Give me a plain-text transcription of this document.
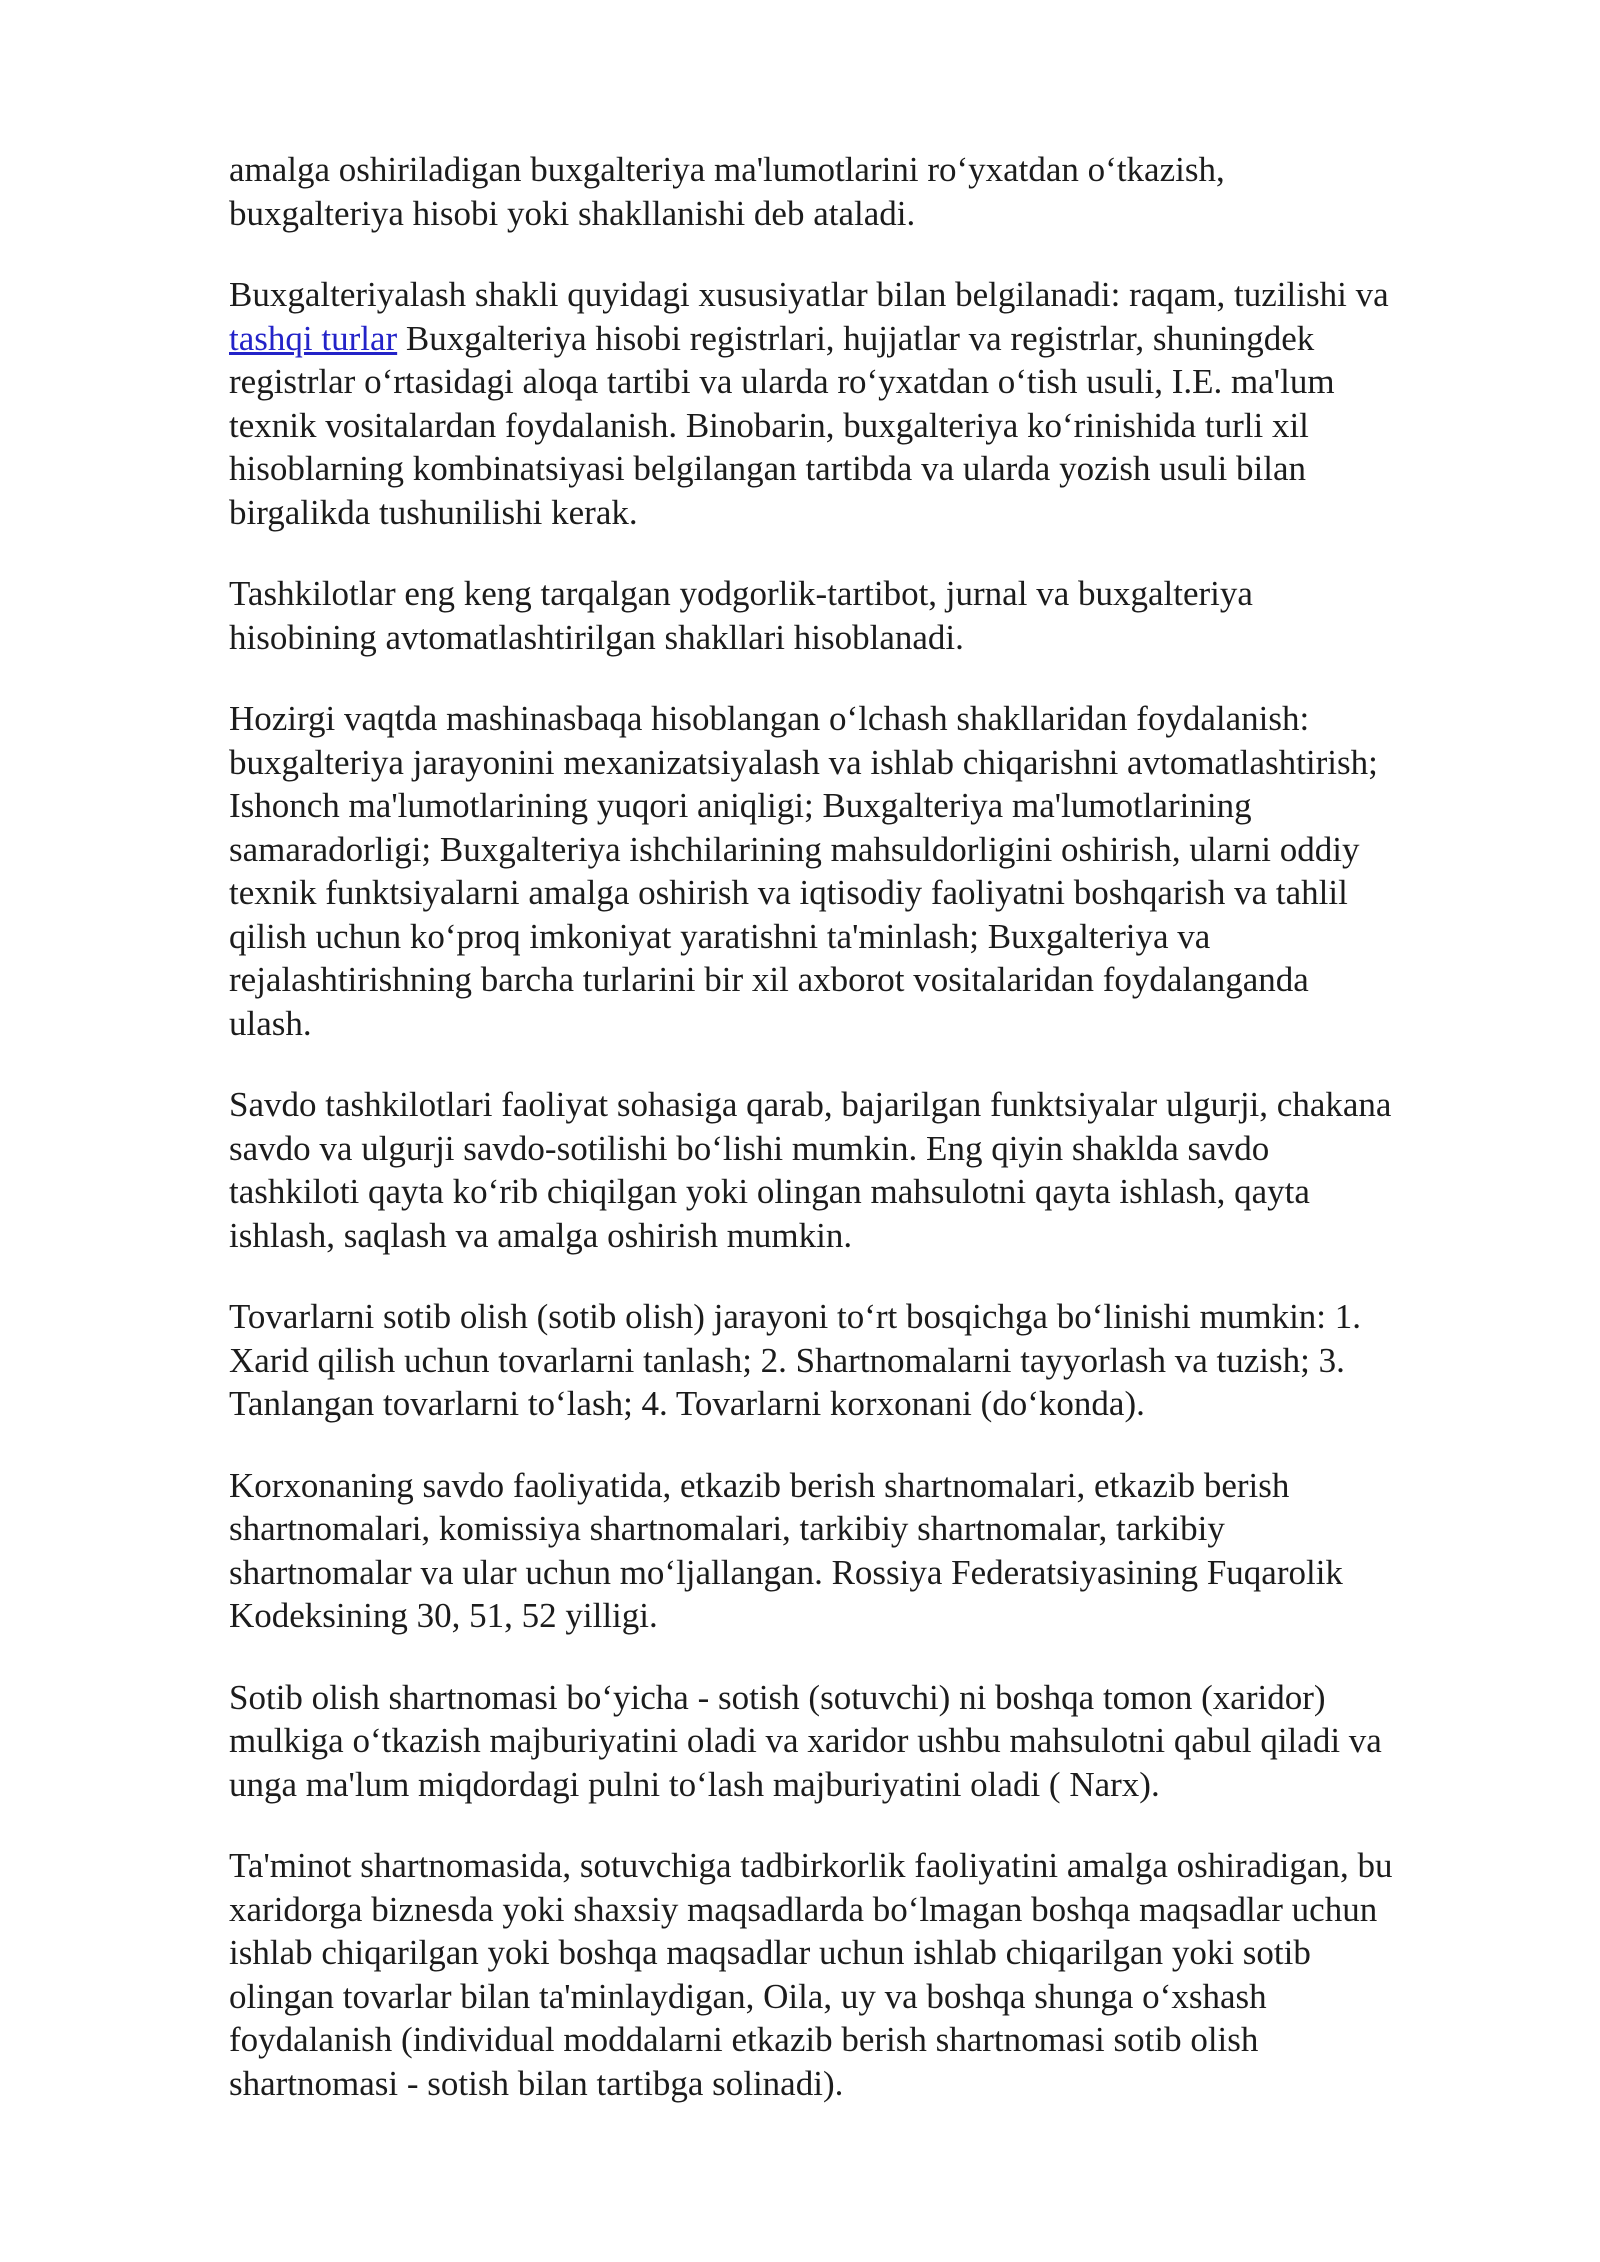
amalga oshiriladigan buxgalteriya ma'lumotlarini ro‘yxatdan o‘tkazish,
buxgalteriya hisobi yoki shakllanishi deb ataladi.

Buxgalteriyalash shakli quyidagi xususiyatlar bilan belgilanadi: raqam, tuzilishi va
tashqi turlar Buxgalteriya hisobi registrlari, hujjatlar va registrlar, shuningdek
registrlar o‘rtasidagi aloqa tartibi va ularda ro‘yxatdan o‘tish usuli, I.E. ma'lum
texnik vositalardan foydalanish. Binobarin, buxgalteriya ko‘rinishida turli xil
hisoblarning kombinatsiyasi belgilangan tartibda va ularda yozish usuli bilan
birgalikda tushunilishi kerak.

Tashkilotlar eng keng tarqalgan yodgorlik-tartibot, jurnal va buxgalteriya
hisobining avtomatlashtirilgan shakllari hisoblanadi.

Hozirgi vaqtda mashinasbaqa hisoblangan o‘lchash shakllaridan foydalanish:
buxgalteriya jarayonini mexanizatsiyalash va ishlab chiqarishni avtomatlashtirish;
Ishonch ma'lumotlarining yuqori aniqligi; Buxgalteriya ma'lumotlarining
samaradorligi; Buxgalteriya ishchilarining mahsuldorligini oshirish, ularni oddiy
texnik funktsiyalarni amalga oshirish va iqtisodiy faoliyatni boshqarish va tahlil
qilish uchun ko‘proq imkoniyat yaratishni ta'minlash; Buxgalteriya va
rejalashtirishning barcha turlarini bir xil axborot vositalaridan foydalanganda
ulash.

Savdo tashkilotlari faoliyat sohasiga qarab, bajarilgan funktsiyalar ulgurji, chakana
savdo va ulgurji savdo-sotilishi bo‘lishi mumkin. Eng qiyin shaklda savdo
tashkiloti qayta ko‘rib chiqilgan yoki olingan mahsulotni qayta ishlash, qayta
ishlash, saqlash va amalga oshirish mumkin.

Tovarlarni sotib olish (sotib olish) jarayoni to‘rt bosqichga bo‘linishi mumkin: 1.
Xarid qilish uchun tovarlarni tanlash; 2. Shartnomalarni tayyorlash va tuzish; 3.
Tanlangan tovarlarni to‘lash; 4. Tovarlarni korxonani (do‘konda).

Korxonaning savdo faoliyatida, etkazib berish shartnomalari, etkazib berish
shartnomalari, komissiya shartnomalari, tarkibiy shartnomalar, tarkibiy
shartnomalar va ular uchun mo‘ljallangan. Rossiya Federatsiyasining Fuqarolik
Kodeksining 30, 51, 52 yilligi.

Sotib olish shartnomasi bo‘yicha - sotish (sotuvchi) ni boshqa tomon (xaridor)
mulkiga o‘tkazish majburiyatini oladi va xaridor ushbu mahsulotni qabul qiladi va
unga ma'lum miqdordagi pulni to‘lash majburiyatini oladi ( Narx).

Ta'minot shartnomasida, sotuvchiga tadbirkorlik faoliyatini amalga oshiradigan, bu
xaridorga biznesda yoki shaxsiy maqsadlarda bo‘lmagan boshqa maqsadlar uchun
ishlab chiqarilgan yoki boshqa maqsadlar uchun ishlab chiqarilgan yoki sotib
olingan tovarlar bilan ta'minlaydigan, Oila, uy va boshqa shunga o‘xshash
foydalanish (individual moddalarni etkazib berish shartnomasi sotib olish
shartnomasi - sotish bilan tartibga solinadi).
